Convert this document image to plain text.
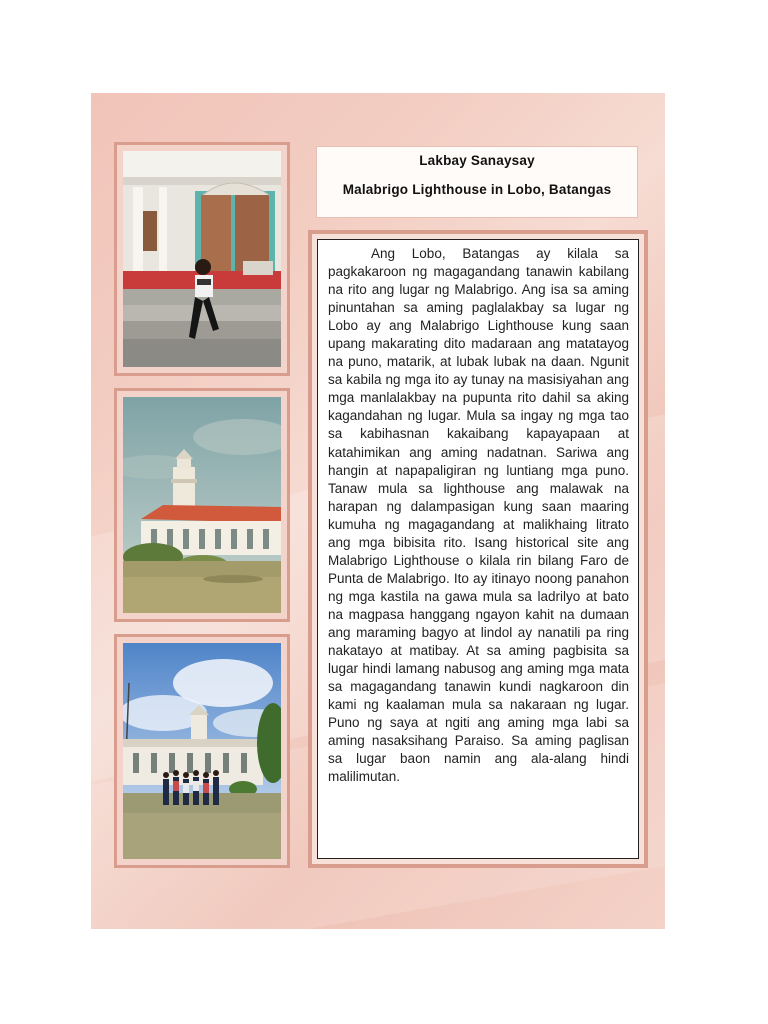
Lakbay Sanaysay
Malabrigo Lighthouse in Lobo, Batangas

Ang Lobo, Batangas ay kilala sa pagkakaroon ng magagandang tanawin kabilang na rito ang lugar ng Malabrigo. Ang isa sa aming pinuntahan sa aming paglalakbay sa lugar ng Lobo ay ang Malabrigo Lighthouse kung saan upang makarating dito madaraan ang matatayog na puno, matarik, at lubak lubak na daan. Ngunit sa kabila ng mga ito ay tunay na masisiyahan ang mga manlalakbay na pupunta rito dahil sa aking kagandahan ng lugar. Mula sa ingay ng mga tao sa kabihasnan kakaibang kapayapaan at katahimikan ang aming nadatnan. Sariwa ang hangin at napapaligiran ng luntiang mga puno. Tanaw mula sa lighthouse ang malawak na harapan ng dalampasigan kung saan maaring kumuha ng magagandang at malikhaing litrato ang mga bibisita rito. Isang historical site ang Malabrigo Lighthouse o kilala rin bilang Faro de Punta de Malabrigo. Ito ay itinayo noong panahon ng mga kastila na gawa mula sa ladrilyo at bato na magpasa hanggang ngayon kahit na dumaan ang maraming bagyo at lindol ay nanatili pa ring nakatayo at matibay. At sa aming pagbisita sa lugar hindi lamang nabusog ang aming mga mata sa magagandang tanawin kundi nagkaroon din kami ng kaalaman mula sa nakaraan ng lugar. Puno ng saya at ngiti ang aming mga labi sa aming nasaksihang Paraiso. Sa aming paglisan sa lugar baon namin ang ala-alang hindi malilimutan.
